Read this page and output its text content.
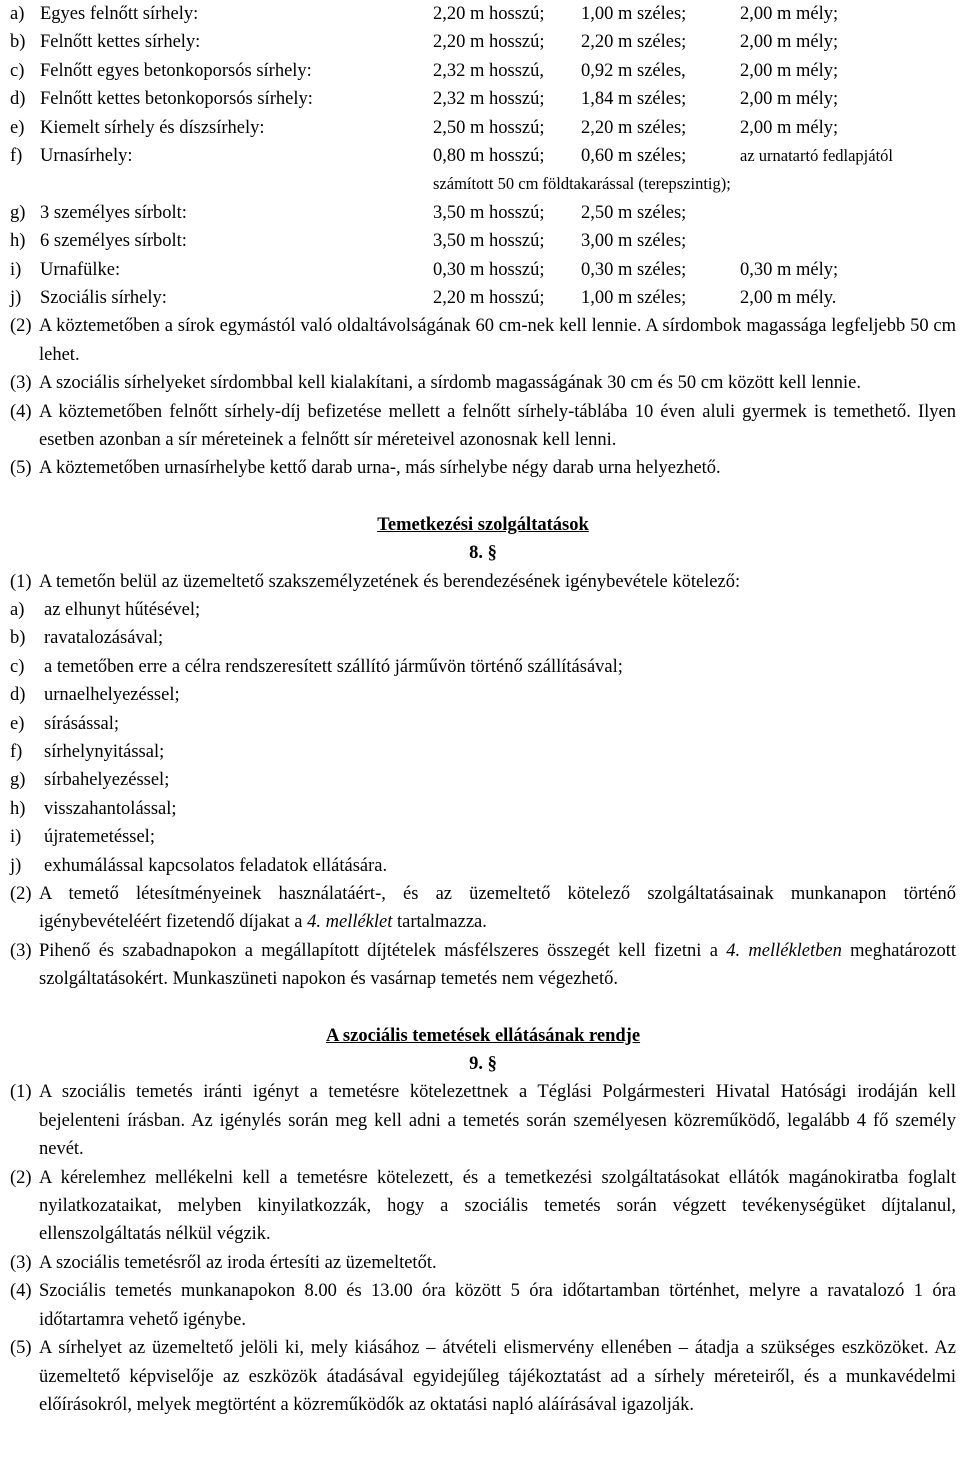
a) Egyes felnőtt sírhely:	2,20 m hosszú;	1,00 m széles;	2,00 m mély;
b) Felnőtt kettes sírhely:	2,20 m hosszú;	2,20 m széles;	2,00 m mély;
c) Felnőtt egyes betonkoporsós sírhely:	2,32 m hosszú,	0,92 m széles,	2,00 m mély;
d) Felnőtt kettes betonkoporsós sírhely:	2,32 m hosszú;	1,84 m széles;	2,00 m mély;
e) Kiemelt sírhely és díszsírhely:	2,50 m hosszú;	2,20 m széles;	2,00 m mély;
f) Urnasírhely:	0,80 m hosszú;	0,60 m széles;	az urnatartó fedlapjától
számított 50 cm földtakarással (terepszintig);
g) 3 személyes sírbolt:	3,50 m hosszú;	2,50 m széles;
h) 6 személyes sírbolt:	3,50 m hosszú;	3,00 m széles;
i)	Urnafülke:	0,30 m hosszú;	0,30 m széles;	0,30 m mély;
j)	Szociális sírhely:	2,20 m hosszú;	1,00 m széles;	2,00 m mély.
(2) A köztemetőben a sírok egymástól való oldaltávolságának 60 cm-nek kell lennie. A sírdombok magassága legfeljebb 50 cm lehet.
(3) A szociális sírhelyeket sírdombbal kell kialakítani, a sírdomb magasságának 30 cm és 50 cm között kell lennie.
(4) A köztemetőben felnőtt sírhely-díj befizetése mellett a felnőtt sírhely-táblába 10 éven aluli gyermek is temethető. Ilyen esetben azonban a sír méreteinek a felnőtt sír méreteivel azonosnak kell lenni.
(5) A köztemetőben urnasírhelybe kettő darab urna-, más sírhelybe négy darab urna helyezhető.
Temetkezési szolgáltatások
8. §
(1) A temetőn belül az üzemeltető szakszemélyzetének és berendezésének igénybevétele kötelező:
a)	az elhunyt hűtésével;
b)	ravatalozásával;
c)	a temetőben erre a célra rendszeresített szállító járművön történő szállításával;
d)	urnaelhelyezéssel;
e)	sírásással;
f)	sírhelynyitással;
g)	sírbahelyezéssel;
h)	visszahantolással;
i)	újratemetéssel;
j)	exhumálással kapcsolatos feladatok ellátására.
(2) A temető létesítményeinek használatáért-, és az üzemeltető kötelező szolgáltatásainak munkanapon történő igénybevételéért fizetendő díjakat a 4. melléklet tartalmazza.
(3) Pihenő és szabadnapokon a megállapított díjtételek másfélszeres összegét kell fizetni a 4. mellékletben meghatározott szolgáltatásokért. Munkaszüneti napokon és vasárnap temetés nem végezhető.
A szociális temetések ellátásának rendje
9. §
(1) A szociális temetés iránti igényt a temetésre kötelezettnek a Téglási Polgármesteri Hivatal Hatósági irodáján kell bejelenteni írásban. Az igénylés során meg kell adni a temetés során személyesen közreműködő, legalább 4 fő személy nevét.
(2) A kérelemhez mellékelni kell a temetésre kötelezett, és a temetkezési szolgáltatásokat ellátók magánokiratba foglalt nyilatkozataikat, melyben kinyilatkozzák, hogy a szociális temetés során végzett tevékenységüket díjtalanul, ellenszolgáltatás nélkül végzik.
(3) A szociális temetésről az iroda értesíti az üzemeltetőt.
(4) Szociális temetés munkanapokon 8.00 és 13.00 óra között 5 óra időtartamban történhet, melyre a ravatalozó 1 óra időtartamra vehető igénybe.
(5) A sírhelyet az üzemeltető jelöli ki, mely kiásához – átvételi elismervény ellenében – átadja a szükséges eszközöket. Az üzemeltető képviselője az eszközök átadásával egyidejűleg tájékoztatást ad a sírhely méreteiről, és a munkavédelmi előírásokról, melyek megtörtént a közreműködők az oktatási napló aláírásával igazolják.
